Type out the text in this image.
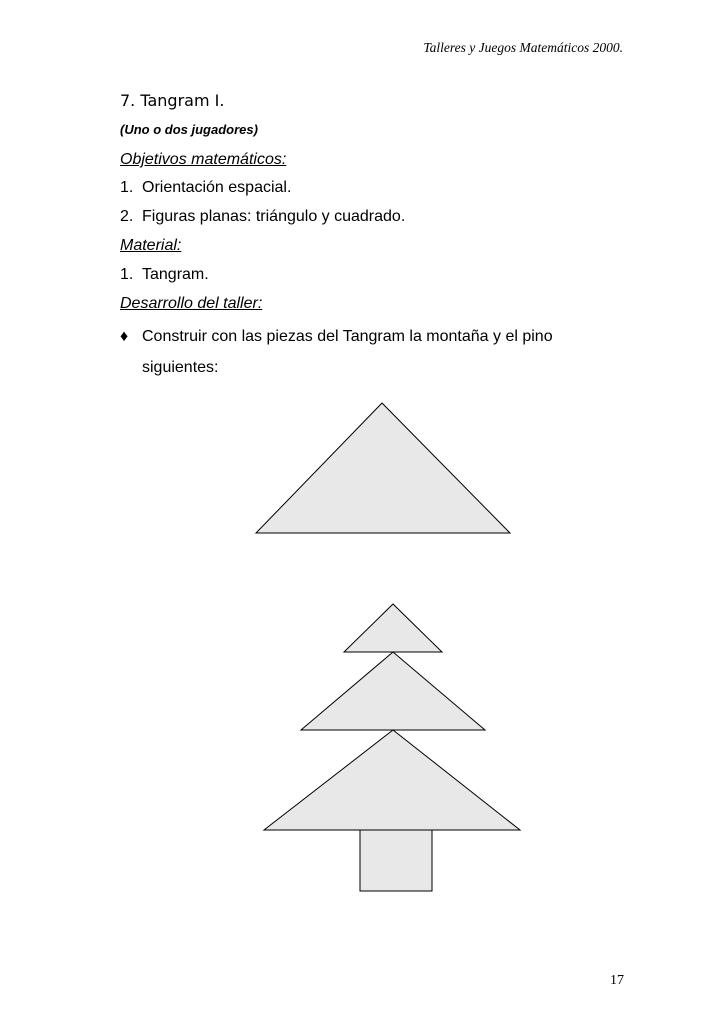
Talleres y Juegos Matemáticos 2000.
7. Tangram I.
(Uno o dos jugadores)
Objetivos matemáticos:
1. Orientación espacial.
2. Figuras planas: triángulo y cuadrado.
Material:
1. Tangram.
Desarrollo del taller:
♦ Construir con las piezas del Tangram la montaña y el pino
siguientes:
17
